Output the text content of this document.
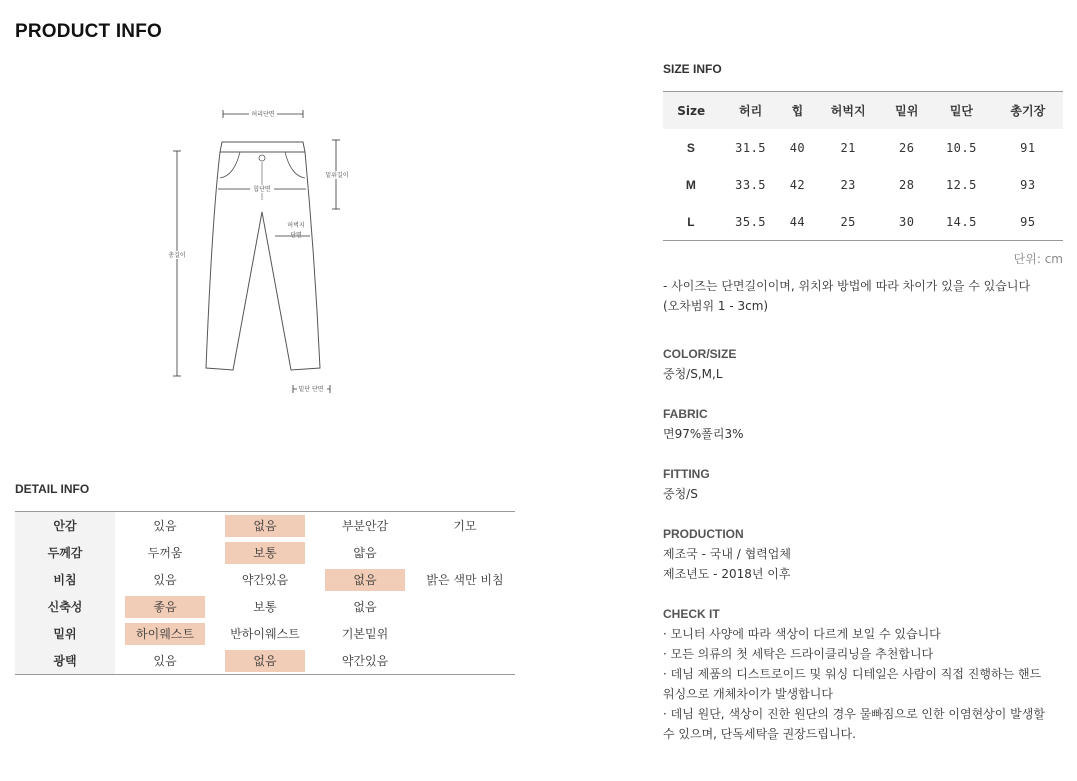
PRODUCT INFO
허리단면
힙단면
밑위길이
총길이
허벅지
단면
밑단 단면
DETAIL INFO
안감	있음	없음	부분안감	기모
두께감	두꺼움	보통	얇음	
비침	있음	약간있음	없음	밝은 색만 비침
신축성	좋음	보통	없음	
밑위	하이웨스트	반하이웨스트	기본밑위	
광택	있음	없음	약간있음	
SIZE INFO
Size	허리	힙	허벅지	밑위	밑단	총기장
S	31.5	40	21	26	10.5	91
M	33.5	42	23	28	12.5	93
L	35.5	44	25	30	14.5	95
단위: cm
- 사이즈는 단면길이이며, 위치와 방법에 따라 차이가 있을 수 있습니다
(오차범위 1 - 3cm)
COLOR/SIZE
중청/S,M,L
FABRIC
면97%폴리3%
FITTING
중청/S
PRODUCTION
제조국 - 국내 / 협력업체
제조년도 - 2018년 이후
CHECK IT
· 모니터 사양에 따라 색상이 다르게 보일 수 있습니다
· 모든 의류의 첫 세탁은 드라이클리닝을 추천합니다
· 데님 제품의 디스트로이드 및 워싱 디테일은 사람이 직접 진행하는 핸드
워싱으로 개체차이가 발생합니다
· 데님 원단, 색상이 진한 원단의 경우 물빠짐으로 인한 이염현상이 발생할
수 있으며, 단독세탁을 권장드립니다.
